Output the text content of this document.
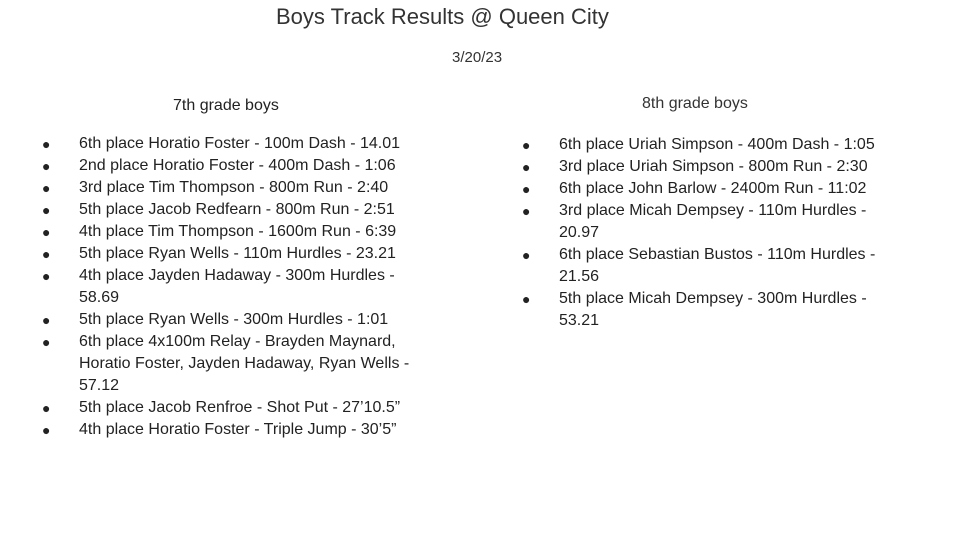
Boys Track Results @ Queen City
3/20/23
7th grade boys
●	6th place Horatio Foster - 100m Dash - 14.01
●	2nd place Horatio Foster - 400m Dash - 1:06
●	3rd place Tim Thompson - 800m Run - 2:40
●	5th place Jacob Redfearn - 800m Run - 2:51
●	4th place Tim Thompson - 1600m Run - 6:39
●	5th place Ryan Wells - 110m Hurdles - 23.21
●	4th place Jayden Hadaway - 300m Hurdles - 58.69
●	5th place Ryan Wells - 300m Hurdles - 1:01
●	6th place 4x100m Relay - Brayden Maynard, Horatio Foster, Jayden Hadaway, Ryan Wells - 57.12
●	5th place Jacob Renfroe - Shot Put - 27’10.5”
●	4th place Horatio Foster - Triple Jump - 30’5”
8th grade boys
●	6th place Uriah Simpson - 400m Dash - 1:05
●	3rd place Uriah Simpson - 800m Run - 2:30
●	6th place John Barlow - 2400m Run - 11:02
●	3rd place Micah Dempsey - 110m Hurdles - 20.97
●	6th place Sebastian Bustos - 110m Hurdles - 21.56
●	5th place Micah Dempsey - 300m Hurdles - 53.21
